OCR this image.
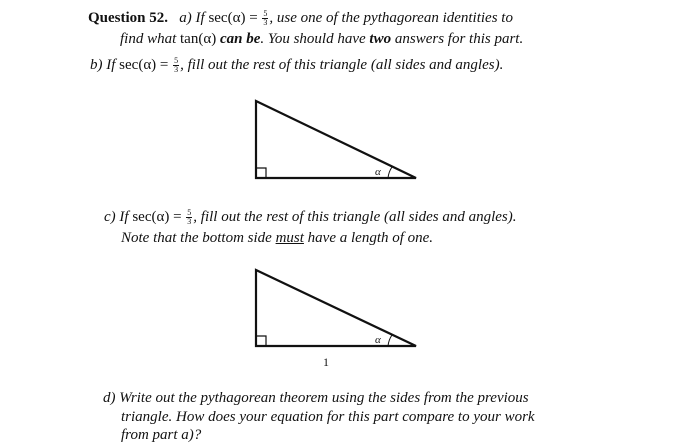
Question 52. a) If $\sec(\alpha) = \frac{5}{3}$ , use one of the pythagorean identities to
find what tan(α) can be. You should have two answers for this part.
b) If $\sec(\alpha) = \frac{5}{3}$ , fill out the rest of this triangle (all sides and angles).
α
c) If $\sec(\alpha) = \frac{5}{3}$ , fill out the rest of this triangle (all sides and angles).
Note that the bottom side must have a length of one.
α
1
d) Write out the pythagorean theorem using the sides from the previous
triangle. How does your equation for this part compare to your work
from part a)?
